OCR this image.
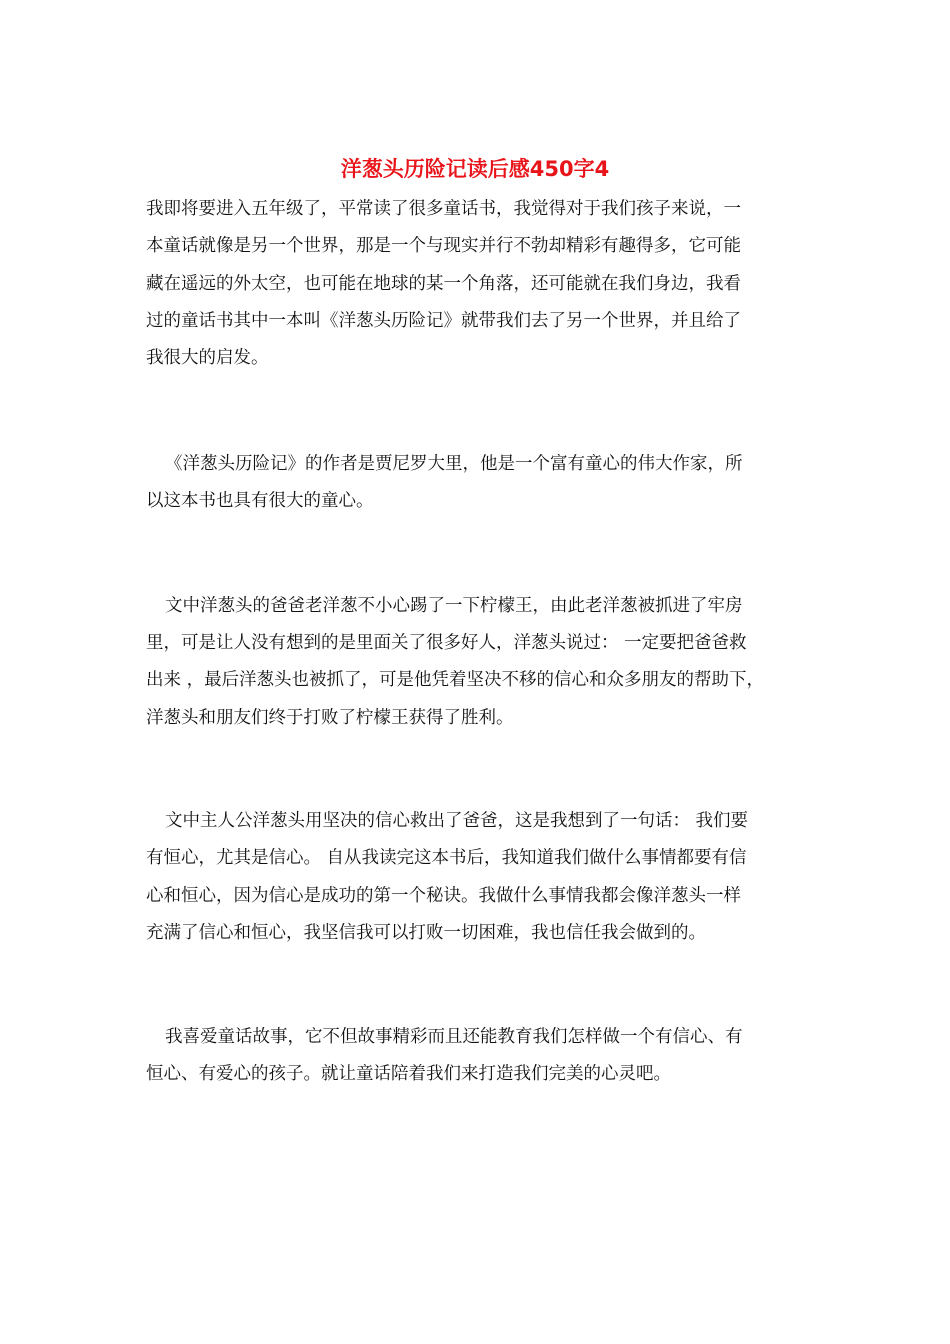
洋葱头历险记读后感450字4

我即将要进入五年级了，平常读了很多童话书，我觉得对于我们孩子来说，一

本童话就像是另一个世界，那是一个与现实并行不勃却精彩有趣得多，它可能

藏在遥远的外太空，也可能在地球的某一个角落，还可能就在我们身边，我看

过的童话书其中一本叫《洋葱头历险记》就带我们去了另一个世界，并且给了

我很大的启发。

《洋葱头历险记》的作者是贾尼罗大里，他是一个富有童心的伟大作家，所

以这本书也具有很大的童心。

文中洋葱头的爸爸老洋葱不小心踢了一下柠檬王，由此老洋葱被抓进了牢房

里，可是让人没有想到的是里面关了很多好人，洋葱头说过： 一定要把爸爸救

出来 ，最后洋葱头也被抓了，可是他凭着坚决不移的信心和众多朋友的帮助下，

洋葱头和朋友们终于打败了柠檬王获得了胜利。

文中主人公洋葱头用坚决的信心救出了爸爸，这是我想到了一句话： 我们要

有恒心，尤其是信心。 自从我读完这本书后，我知道我们做什么事情都要有信

心和恒心，因为信心是成功的第一个秘诀。我做什么事情我都会像洋葱头一样

充满了信心和恒心，我坚信我可以打败一切困难，我也信任我会做到的。

我喜爱童话故事，它不但故事精彩而且还能教育我们怎样做一个有信心、有

恒心、有爱心的孩子。就让童话陪着我们来打造我们完美的心灵吧。
